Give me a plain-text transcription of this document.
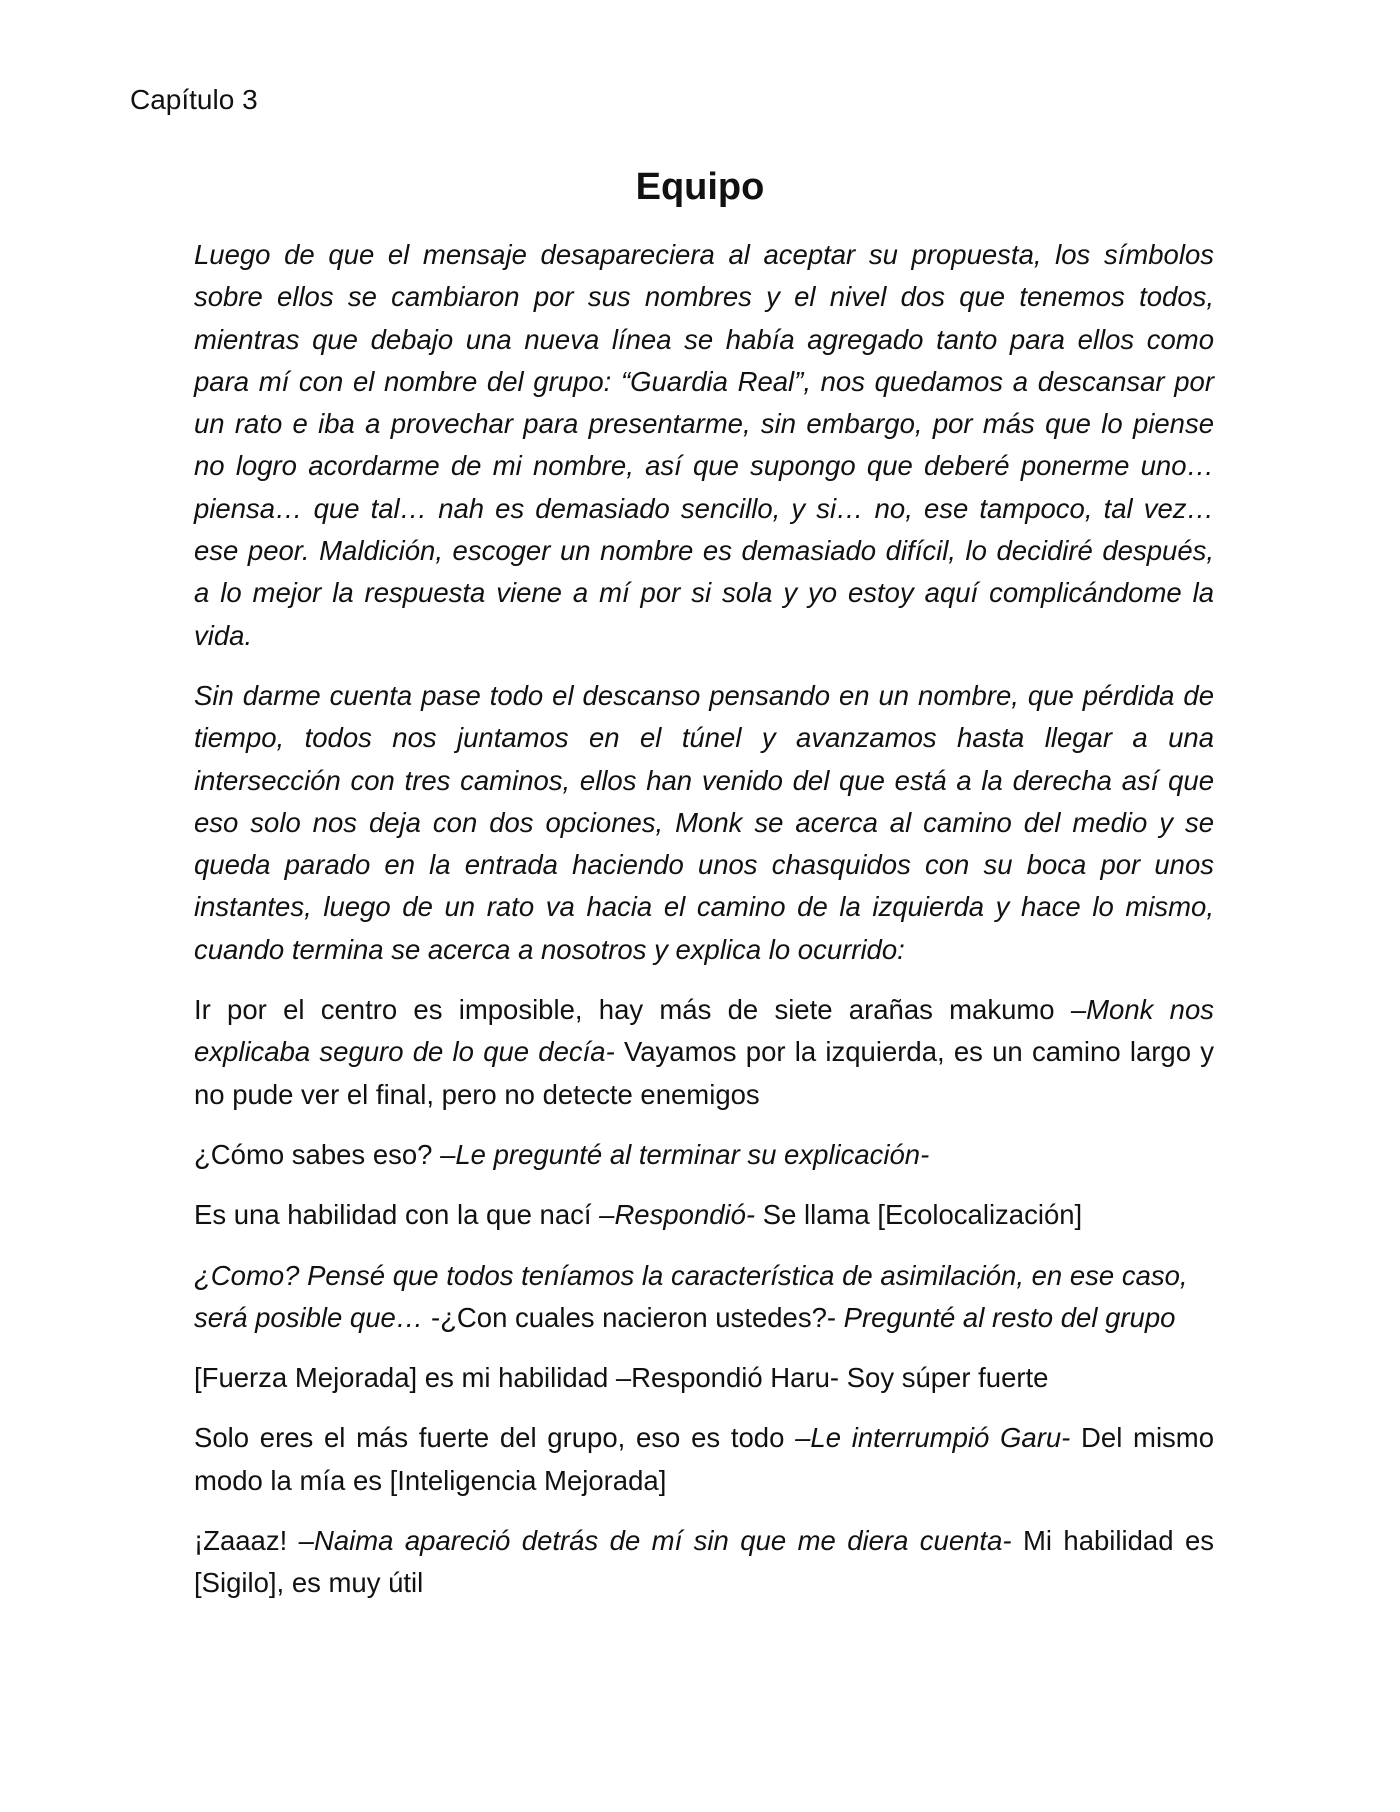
Capítulo 3
Equipo

Luego de que el mensaje desapareciera al aceptar su propuesta, los símbolos sobre ellos se cambiaron por sus nombres y el nivel dos que tenemos todos, mientras que debajo una nueva línea se había agregado tanto para ellos como para mí con el nombre del grupo: “Guardia Real”, nos quedamos a descansar por un rato e iba a provechar para presentarme, sin embargo, por más que lo piense no logro acordarme de mi nombre, así que supongo que deberé ponerme uno… piensa… que tal… nah es demasiado sencillo, y si… no, ese tampoco, tal vez… ese peor. Maldición, escoger un nombre es demasiado difícil, lo decidiré después, a lo mejor la respuesta viene a mí por si sola y yo estoy aquí complicándome la vida.

Sin darme cuenta pase todo el descanso pensando en un nombre, que pérdida de tiempo, todos nos juntamos en el túnel y avanzamos hasta llegar a una intersección con tres caminos, ellos han venido del que está a la derecha así que eso solo nos deja con dos opciones, Monk se acerca al camino del medio y se queda parado en la entrada haciendo unos chasquidos con su boca por unos instantes, luego de un rato va hacia el camino de la izquierda y hace lo mismo, cuando termina se acerca a nosotros y explica lo ocurrido:

Ir por el centro es imposible, hay más de siete arañas makumo –Monk nos explicaba seguro de lo que decía- Vayamos por la izquierda, es un camino largo y no pude ver el final, pero no detecte enemigos

¿Cómo sabes eso? –Le pregunté al terminar su explicación-

Es una habilidad con la que nací –Respondió- Se llama [Ecolocalización]

¿Como? Pensé que todos teníamos la característica de asimilación, en ese caso, será posible que… -¿Con cuales nacieron ustedes?- Pregunté al resto del grupo

[Fuerza Mejorada] es mi habilidad –Respondió Haru- Soy súper fuerte

Solo eres el más fuerte del grupo, eso es todo –Le interrumpió Garu- Del mismo modo la mía es [Inteligencia Mejorada]

¡Zaaaz! –Naima apareció detrás de mí sin que me diera cuenta- Mi habilidad es [Sigilo], es muy útil
